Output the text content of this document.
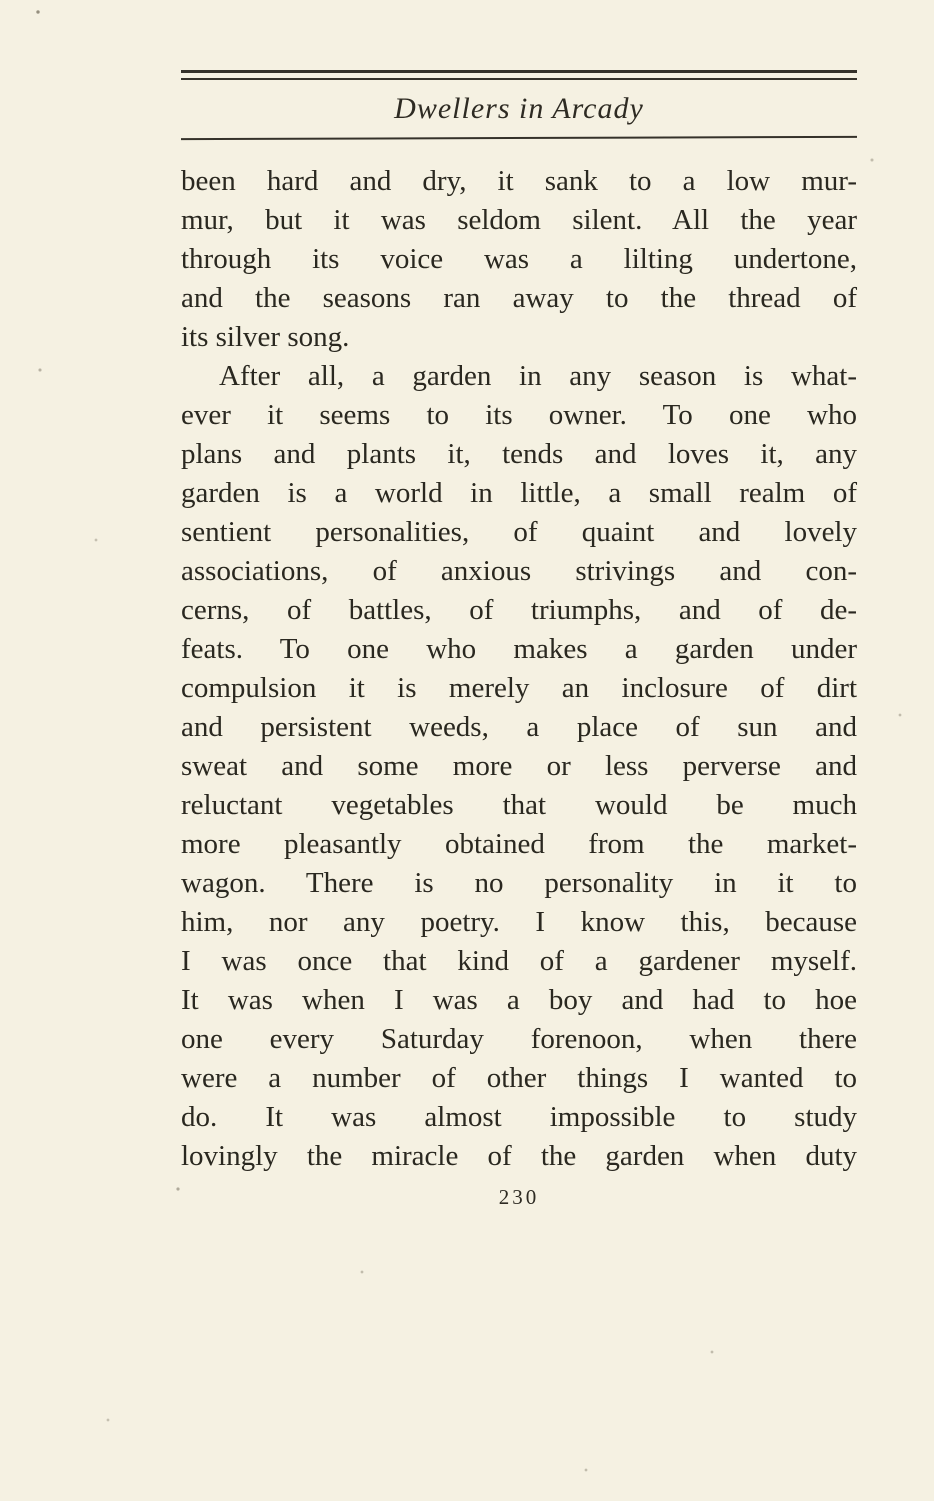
Dwellers in Arcady
been hard and dry, it sank to a low mur-
mur, but it was seldom silent. All the year
through its voice was a lilting undertone,
and the seasons ran away to the thread of
its silver song.
After all, a garden in any season is what-
ever it seems to its owner. To one who
plans and plants it, tends and loves it, any
garden is a world in little, a small realm of
sentient personalities, of quaint and lovely
associations, of anxious strivings and con-
cerns, of battles, of triumphs, and of de-
feats. To one who makes a garden under
compulsion it is merely an inclosure of dirt
and persistent weeds, a place of sun and
sweat and some more or less perverse and
reluctant vegetables that would be much
more pleasantly obtained from the market-
wagon. There is no personality in it to
him, nor any poetry. I know this, because
I was once that kind of a gardener myself.
It was when I was a boy and had to hoe
one every Saturday forenoon, when there
were a number of other things I wanted to
do. It was almost impossible to study
lovingly the miracle of the garden when duty
230
